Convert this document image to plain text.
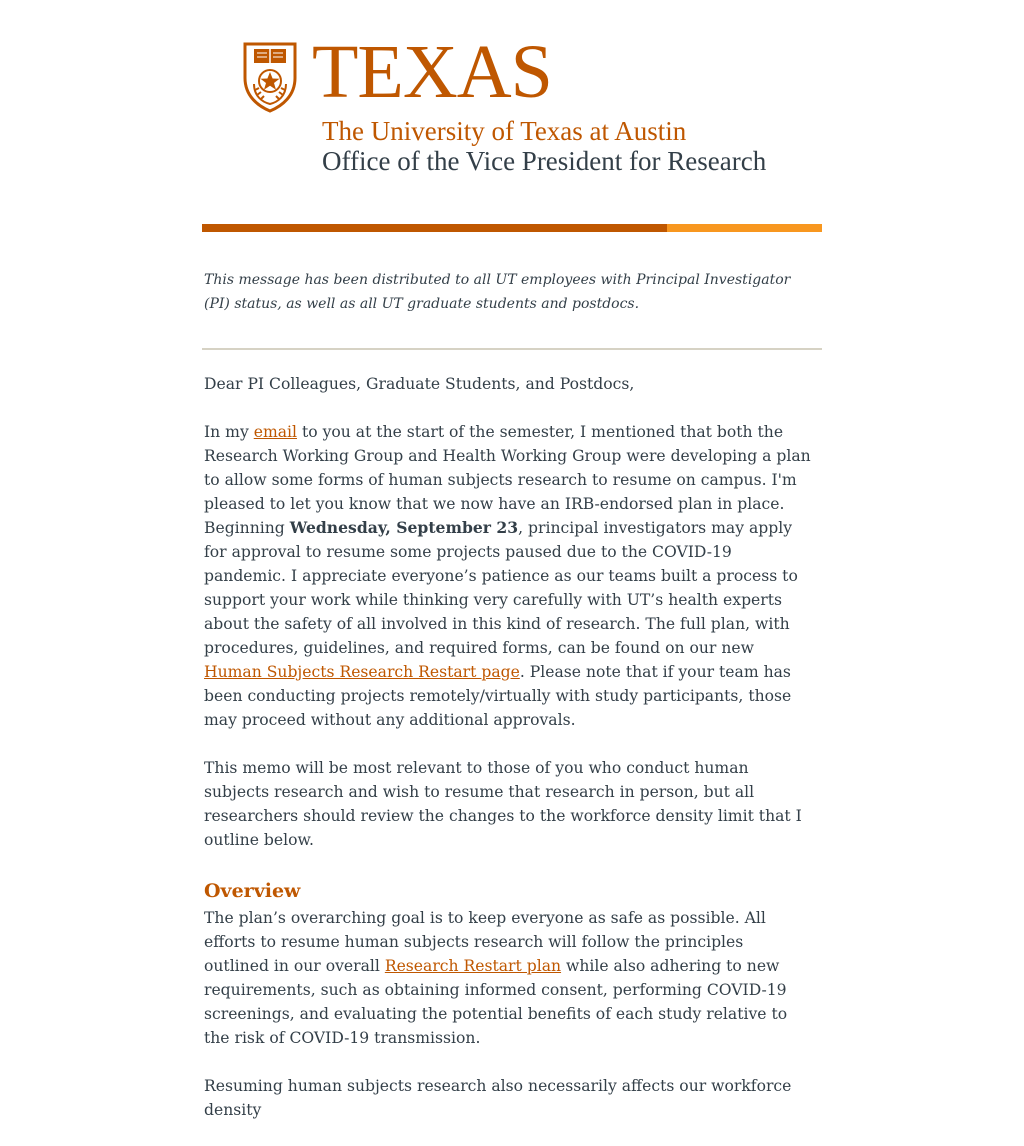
TEXAS
The University of Texas at Austin
Office of the Vice President for Research

This message has been distributed to all UT employees with Principal Investigator (PI) status, as well as all UT graduate students and postdocs.

Dear PI Colleagues, Graduate Students, and Postdocs,

In my email to you at the start of the semester, I mentioned that both the Research Working Group and Health Working Group were developing a plan to allow some forms of human subjects research to resume on campus. I'm pleased to let you know that we now have an IRB-endorsed plan in place. Beginning Wednesday, September 23, principal investigators may apply for approval to resume some projects paused due to the COVID-19 pandemic. I appreciate everyone’s patience as our teams built a process to support your work while thinking very carefully with UT’s health experts about the safety of all involved in this kind of research. The full plan, with procedures, guidelines, and required forms, can be found on our new Human Subjects Research Restart page. Please note that if your team has been conducting projects remotely/virtually with study participants, those may proceed without any additional approvals.

This memo will be most relevant to those of you who conduct human subjects research and wish to resume that research in person, but all researchers should review the changes to the workforce density limit that I outline below.

Overview

The plan’s overarching goal is to keep everyone as safe as possible. All efforts to resume human subjects research will follow the principles outlined in our overall Research Restart plan while also adhering to new requirements, such as obtaining informed consent, performing COVID-19 screenings, and evaluating the potential benefits of each study relative to the risk of COVID-19 transmission.

Resuming human subjects research also necessarily affects our workforce density
